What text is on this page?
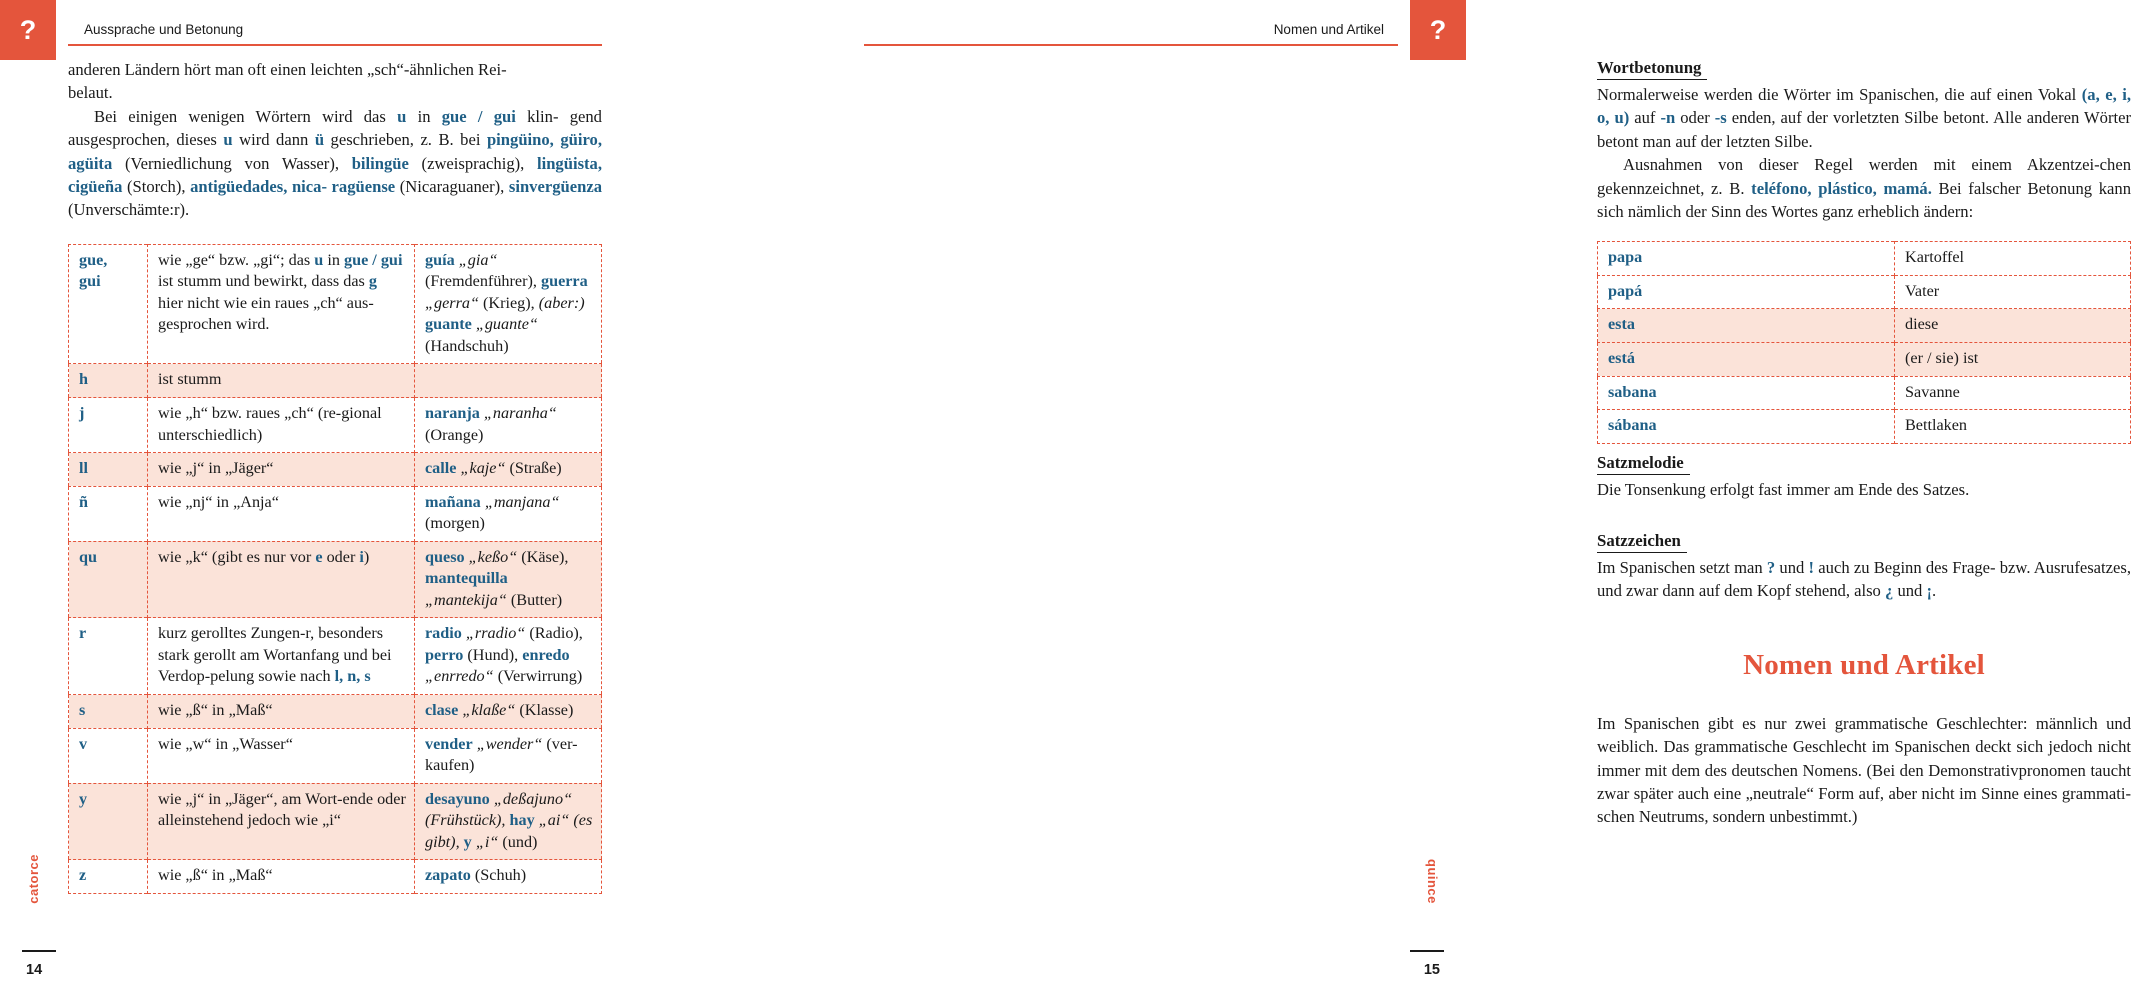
?	Aussprache und Betonung
catorce
14

anderen Ländern hört man oft einen leichten „sch“-ähnlichen Rei-
belaut.

Bei einigen wenigen Wörtern wird das u in gue / gui klin- gend ausgesprochen, dieses u wird dann ü geschrieben, z. B. bei pingüino, güiro, agüita (Verniedlichung von Wasser), bilingüe (zweisprachig), lingüista, cigüeña (Storch), antigüedades, nica- ragüense (Nicaraguaner), sinvergüenza (Unverschämte:r).

gue,
gui	wie „ge“ bzw. „gi“; das u in gue / gui ist stumm und bewirkt, dass das g hier nicht wie ein raues „ch“ aus-gesprochen wird.	guía „gia“ (Fremdenführer), guerra „gerra“ (Krieg), (aber:) guante „guante“ (Handschuh)
h	ist stumm	
j	wie „h“ bzw. raues „ch“ (re-gional unterschiedlich)	naranja „naranha“ (Orange)
ll	wie „j“ in „Jäger“	calle „kaje“ (Straße)
ñ	wie „nj“ in „Anja“	mañana „manjana“ (morgen)
qu	wie „k“ (gibt es nur vor e oder i)	queso „keßo“ (Käse), mantequilla „mantekija“ (Butter)
r	kurz gerolltes Zungen-r, besonders stark gerollt am Wortanfang und bei Verdop-pelung sowie nach l, n, s	radio „rradio“ (Radio), perro (Hund), enredo „enrredo“ (Verwirrung)
s	wie „ß“ in „Maß“	clase „klaße“ (Klasse)
v	wie „w“ in „Wasser“	vender „wender“ (ver-kaufen)
y	wie „j“ in „Jäger“, am Wort-ende oder alleinstehend jedoch wie „i“	desayuno „deßajuno“ (Frühstück), hay „ai“ (es gibt), y „i“ (und)
z	wie „ß“ in „Maß“	zapato (Schuh)
?
Nomen und Artikel
quince
15
Wortbetonung

Normalerweise werden die Wörter im Spanischen, die auf einen Vokal (a, e, i, o, u) auf -n oder -s enden, auf der vorletzten Silbe betont. Alle anderen Wörter betont man auf der letzten Silbe.

Ausnahmen von dieser Regel werden mit einem Akzentzei-chen gekennzeichnet, z. B. teléfono, plástico, mamá. Bei falscher Betonung kann sich nämlich der Sinn des Wortes ganz erheblich ändern:

papa	Kartoffel
papá	Vater
esta	diese
está	(er / sie) ist
sabana	Savanne
sábana	Bettlaken
Satzmelodie

Die Tonsenkung erfolgt fast immer am Ende des Satzes.

Satzzeichen

Im Spanischen setzt man ? und ! auch zu Beginn des Frage- bzw. Ausrufesatzes, und zwar dann auf dem Kopf stehend, also ¿ und ¡.

Nomen und Artikel

Im Spanischen gibt es nur zwei grammatische Geschlechter: männlich und weiblich. Das grammatische Geschlecht im Spanischen deckt sich jedoch nicht immer mit dem des deutschen Nomens. (Bei den Demonstrativpronomen taucht zwar später auch eine „neutrale“ Form auf, aber nicht im Sinne eines grammatischen Neutrums, sondern unbestimmt.)
